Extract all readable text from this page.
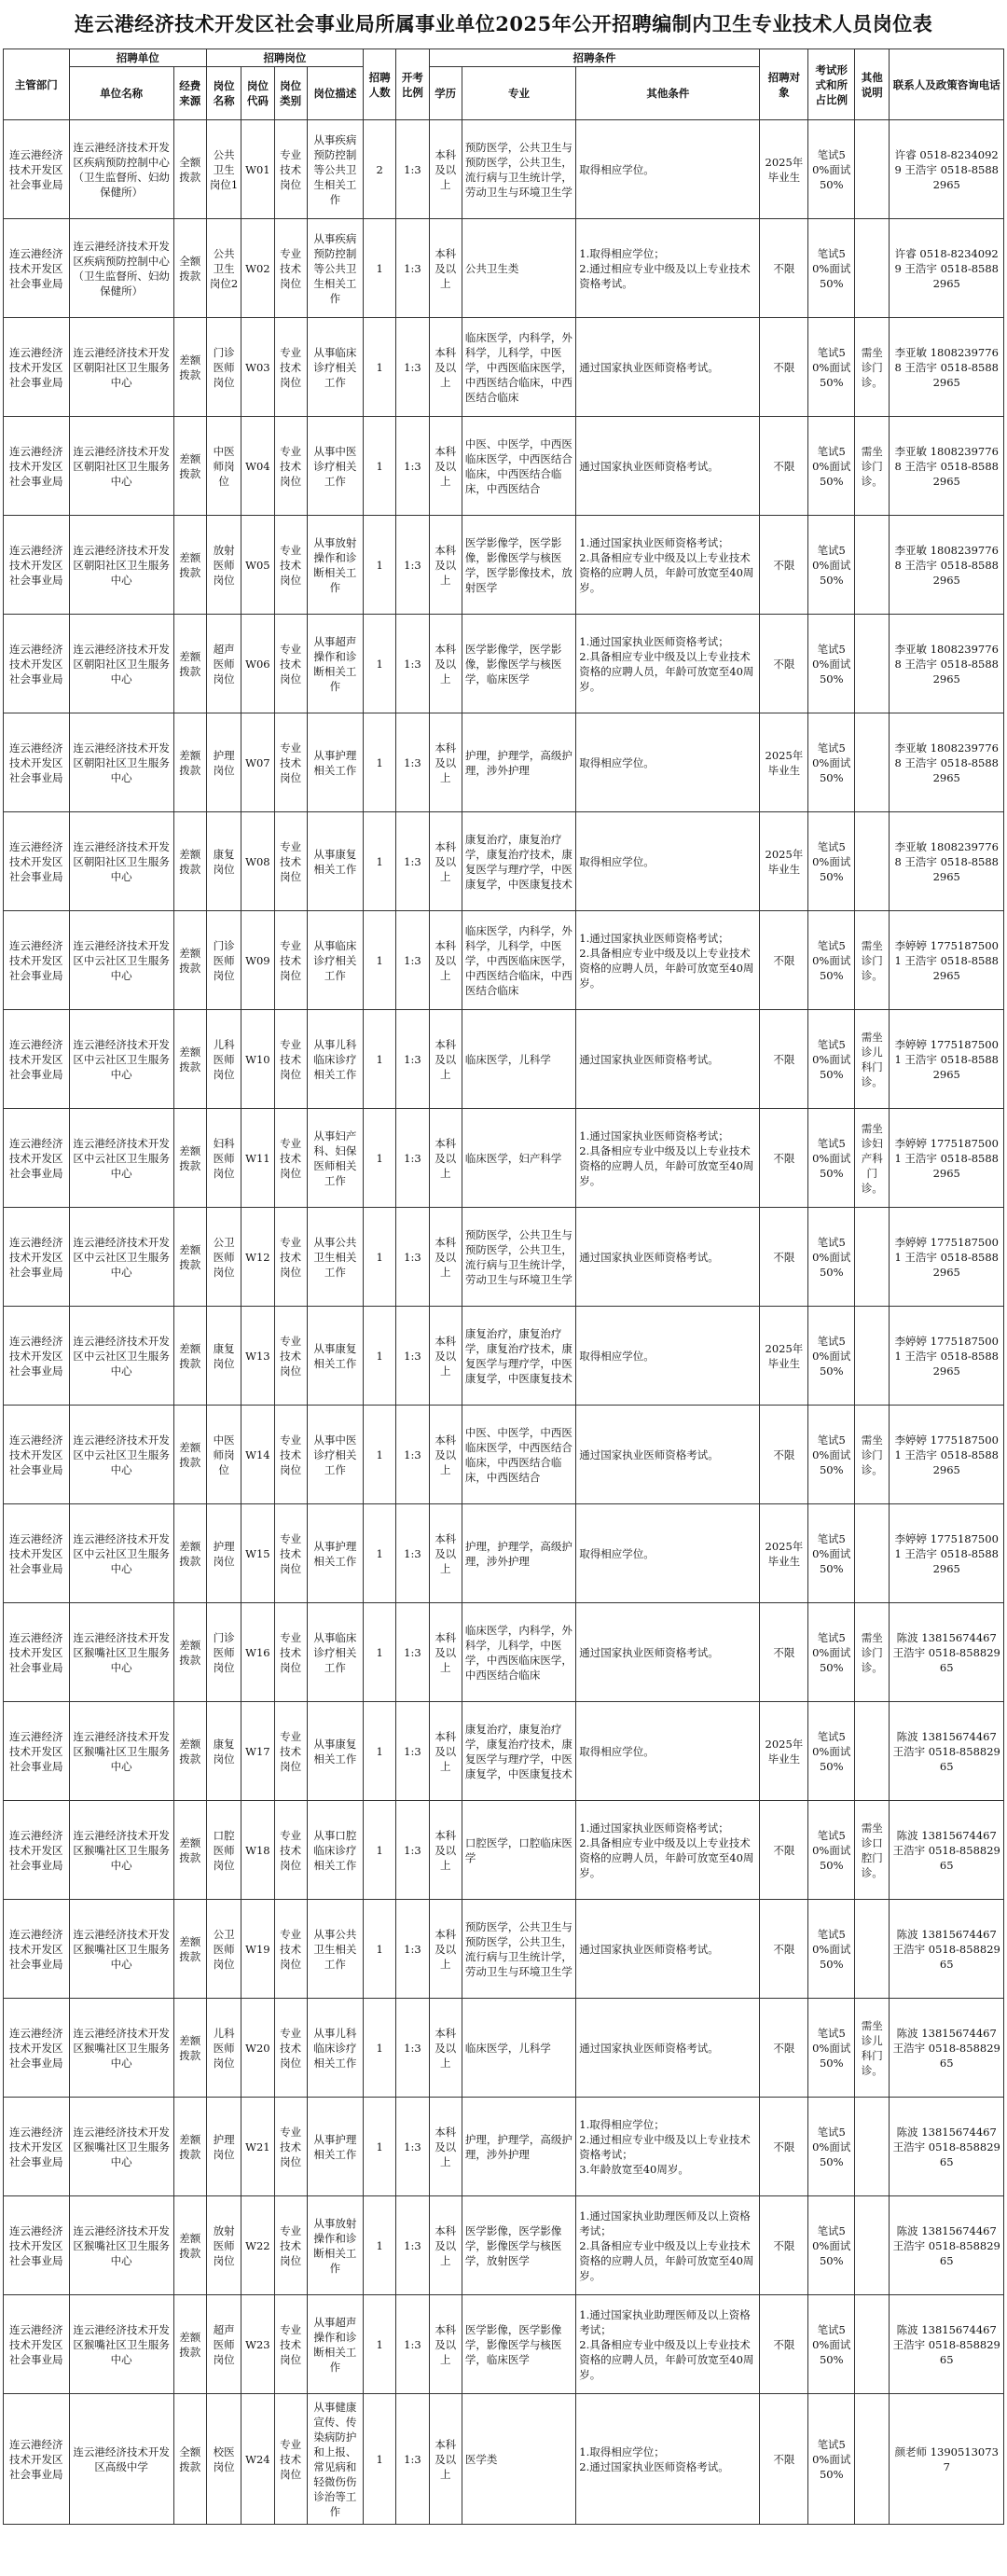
连云港经济技术开发区社会事业局所属事业单位2025年公开招聘编制内卫生专业技术人员岗位表
主管部门	招聘单位		招聘岗位				招聘人数	开考比例	招聘条件			招聘对象	考试形式和所占比例	其他说明	联系人及政策咨询电话
	单位名称	经费来源	岗位名称	岗位代码	岗位类别	岗位描述			学历	专业	其他条件				
连云港经济技术开发区社会事业局	连云港经济技术开发区疾病预防控制中心（卫生监督所、妇幼保健所）	全额拨款	公共卫生岗位1	W01	专业技术岗位	从事疾病预防控制等公共卫生相关工作	2	1:3	本科及以上	预防医学，公共卫生与预防医学，公共卫生，流行病与卫生统计学，劳动卫生与环境卫生学	取得相应学位。	2025年毕业生	笔试50%面试50%		许睿 0518-82340929 王浩宇 0518-85882965
连云港经济技术开发区社会事业局	连云港经济技术开发区疾病预防控制中心（卫生监督所、妇幼保健所）	全额拨款	公共卫生岗位2	W02	专业技术岗位	从事疾病预防控制等公共卫生相关工作	1	1:3	本科及以上	公共卫生类	1.取得相应学位；
2.通过相应专业中级及以上专业技术资格考试。	不限	笔试50%面试50%		许睿 0518-82340929 王浩宇 0518-85882965
连云港经济技术开发区社会事业局	连云港经济技术开发区朝阳社区卫生服务中心	差额拨款	门诊医师岗位	W03	专业技术岗位	从事临床诊疗相关工作	1	1:3	本科及以上	临床医学，内科学，外科学，儿科学，中医学，中西医临床医学，中西医结合临床，中西医结合临床	通过国家执业医师资格考试。	不限	笔试50%面试50%	需坐诊门诊。	李亚敏 18082397768 王浩宇 0518-85882965
连云港经济技术开发区社会事业局	连云港经济技术开发区朝阳社区卫生服务中心	差额拨款	中医师岗位	W04	专业技术岗位	从事中医诊疗相关工作	1	1:3	本科及以上	中医、中医学，中西医临床医学，中西医结合临床，中西医结合临床，中西医结合	通过国家执业医师资格考试。	不限	笔试50%面试50%	需坐诊门诊。	李亚敏 18082397768 王浩宇 0518-85882965
连云港经济技术开发区社会事业局	连云港经济技术开发区朝阳社区卫生服务中心	差额拨款	放射医师岗位	W05	专业技术岗位	从事放射操作和诊断相关工作	1	1:3	本科及以上	医学影像学，医学影像，影像医学与核医学，医学影像技术，放射医学	1.通过国家执业医师资格考试；
2.具备相应专业中级及以上专业技术资格的应聘人员，年龄可放宽至40周岁。	不限	笔试50%面试50%		李亚敏 18082397768 王浩宇 0518-85882965
连云港经济技术开发区社会事业局	连云港经济技术开发区朝阳社区卫生服务中心	差额拨款	超声医师岗位	W06	专业技术岗位	从事超声操作和诊断相关工作	1	1:3	本科及以上	医学影像学，医学影像，影像医学与核医学，临床医学	1.通过国家执业医师资格考试；
2.具备相应专业中级及以上专业技术资格的应聘人员，年龄可放宽至40周岁。	不限	笔试50%面试50%		李亚敏 18082397768 王浩宇 0518-85882965
连云港经济技术开发区社会事业局	连云港经济技术开发区朝阳社区卫生服务中心	差额拨款	护理岗位	W07	专业技术岗位	从事护理相关工作	1	1:3	本科及以上	护理，护理学，高级护理，涉外护理	取得相应学位。	2025年毕业生	笔试50%面试50%		李亚敏 18082397768 王浩宇 0518-85882965
连云港经济技术开发区社会事业局	连云港经济技术开发区朝阳社区卫生服务中心	差额拨款	康复岗位	W08	专业技术岗位	从事康复相关工作	1	1:3	本科及以上	康复治疗，康复治疗学，康复治疗技术，康复医学与理疗学，中医康复学，中医康复技术	取得相应学位。	2025年毕业生	笔试50%面试50%		李亚敏 18082397768 王浩宇 0518-85882965
连云港经济技术开发区社会事业局	连云港经济技术开发区中云社区卫生服务中心	差额拨款	门诊医师岗位	W09	专业技术岗位	从事临床诊疗相关工作	1	1:3	本科及以上	临床医学，内科学，外科学，儿科学，中医学，中西医临床医学，中西医结合临床，中西医结合临床	1.通过国家执业医师资格考试；
2.具备相应专业中级及以上专业技术资格的应聘人员，年龄可放宽至40周岁。	不限	笔试50%面试50%	需坐诊门诊。	李婷婷 17751875001 王浩宇 0518-85882965
连云港经济技术开发区社会事业局	连云港经济技术开发区中云社区卫生服务中心	差额拨款	儿科医师岗位	W10	专业技术岗位	从事儿科临床诊疗相关工作	1	1:3	本科及以上	临床医学，儿科学	通过国家执业医师资格考试。	不限	笔试50%面试50%	需坐诊儿科门诊。	李婷婷 17751875001 王浩宇 0518-85882965
连云港经济技术开发区社会事业局	连云港经济技术开发区中云社区卫生服务中心	差额拨款	妇科医师岗位	W11	专业技术岗位	从事妇产科、妇保医师相关工作	1	1:3	本科及以上	临床医学，妇产科学	1.通过国家执业医师资格考试；
2.具备相应专业中级及以上专业技术资格的应聘人员，年龄可放宽至40周岁。	不限	笔试50%面试50%	需坐诊妇产科门诊。	李婷婷 17751875001 王浩宇 0518-85882965
连云港经济技术开发区社会事业局	连云港经济技术开发区中云社区卫生服务中心	差额拨款	公卫医师岗位	W12	专业技术岗位	从事公共卫生相关工作	1	1:3	本科及以上	预防医学，公共卫生与预防医学，公共卫生，流行病与卫生统计学，劳动卫生与环境卫生学	通过国家执业医师资格考试。	不限	笔试50%面试50%		李婷婷 17751875001 王浩宇 0518-85882965
连云港经济技术开发区社会事业局	连云港经济技术开发区中云社区卫生服务中心	差额拨款	康复岗位	W13	专业技术岗位	从事康复相关工作	1	1:3	本科及以上	康复治疗，康复治疗学，康复治疗技术，康复医学与理疗学，中医康复学，中医康复技术	取得相应学位。	2025年毕业生	笔试50%面试50%		李婷婷 17751875001 王浩宇 0518-85882965
连云港经济技术开发区社会事业局	连云港经济技术开发区中云社区卫生服务中心	差额拨款	中医师岗位	W14	专业技术岗位	从事中医诊疗相关工作	1	1:3	本科及以上	中医、中医学，中西医临床医学，中西医结合临床，中西医结合临床，中西医结合	通过国家执业医师资格考试。	不限	笔试50%面试50%	需坐诊门诊。	李婷婷 17751875001 王浩宇 0518-85882965
连云港经济技术开发区社会事业局	连云港经济技术开发区中云社区卫生服务中心	差额拨款	护理岗位	W15	专业技术岗位	从事护理相关工作	1	1:3	本科及以上	护理，护理学，高级护理，涉外护理	取得相应学位。	2025年毕业生	笔试50%面试50%		李婷婷 17751875001 王浩宇 0518-85882965
连云港经济技术开发区社会事业局	连云港经济技术开发区猴嘴社区卫生服务中心	差额拨款	门诊医师岗位	W16	专业技术岗位	从事临床诊疗相关工作	1	1:3	本科及以上	临床医学，内科学，外科学，儿科学，中医学，中西医临床医学，中西医结合临床	通过国家执业医师资格考试。	不限	笔试50%面试50%	需坐诊门诊。	陈波 13815674467 王浩宇 0518-85882965
连云港经济技术开发区社会事业局	连云港经济技术开发区猴嘴社区卫生服务中心	差额拨款	康复岗位	W17	专业技术岗位	从事康复相关工作	1	1:3	本科及以上	康复治疗，康复治疗学，康复治疗技术，康复医学与理疗学，中医康复学，中医康复技术	取得相应学位。	2025年毕业生	笔试50%面试50%		陈波 13815674467 王浩宇 0518-85882965
连云港经济技术开发区社会事业局	连云港经济技术开发区猴嘴社区卫生服务中心	差额拨款	口腔医师岗位	W18	专业技术岗位	从事口腔临床诊疗相关工作	1	1:3	本科及以上	口腔医学，口腔临床医学	1.通过国家执业医师资格考试；
2.具备相应专业中级及以上专业技术资格的应聘人员，年龄可放宽至40周岁。	不限	笔试50%面试50%	需坐诊口腔门诊。	陈波 13815674467 王浩宇 0518-85882965
连云港经济技术开发区社会事业局	连云港经济技术开发区猴嘴社区卫生服务中心	差额拨款	公卫医师岗位	W19	专业技术岗位	从事公共卫生相关工作	1	1:3	本科及以上	预防医学，公共卫生与预防医学，公共卫生，流行病与卫生统计学，劳动卫生与环境卫生学	通过国家执业医师资格考试。	不限	笔试50%面试50%		陈波 13815674467 王浩宇 0518-85882965
连云港经济技术开发区社会事业局	连云港经济技术开发区猴嘴社区卫生服务中心	差额拨款	儿科医师岗位	W20	专业技术岗位	从事儿科临床诊疗相关工作	1	1:3	本科及以上	临床医学，儿科学	通过国家执业医师资格考试。	不限	笔试50%面试50%	需坐诊儿科门诊。	陈波 13815674467 王浩宇 0518-85882965
连云港经济技术开发区社会事业局	连云港经济技术开发区猴嘴社区卫生服务中心	差额拨款	护理岗位	W21	专业技术岗位	从事护理相关工作	1	1:3	本科及以上	护理，护理学，高级护理，涉外护理	1.取得相应学位；
2.通过相应专业中级及以上专业技术资格考试；
3.年龄放宽至40周岁。	不限	笔试50%面试50%		陈波 13815674467 王浩宇 0518-85882965
连云港经济技术开发区社会事业局	连云港经济技术开发区猴嘴社区卫生服务中心	差额拨款	放射医师岗位	W22	专业技术岗位	从事放射操作和诊断相关工作	1	1:3	本科及以上	医学影像，医学影像学，影像医学与核医学，放射医学	1.通过国家执业助理医师及以上资格考试；
2.具备相应专业中级及以上专业技术资格的应聘人员，年龄可放宽至40周岁。	不限	笔试50%面试50%		陈波 13815674467 王浩宇 0518-85882965
连云港经济技术开发区社会事业局	连云港经济技术开发区猴嘴社区卫生服务中心	差额拨款	超声医师岗位	W23	专业技术岗位	从事超声操作和诊断相关工作	1	1:3	本科及以上	医学影像，医学影像学，影像医学与核医学，临床医学	1.通过国家执业助理医师及以上资格考试；
2.具备相应专业中级及以上专业技术资格的应聘人员，年龄可放宽至40周岁。	不限	笔试50%面试50%		陈波 13815674467 王浩宇 0518-85882965
连云港经济技术开发区社会事业局	连云港经济技术开发区高级中学	全额拨款	校医岗位	W24	专业技术岗位	从事健康宣传、传染病防护和上报、常见病和轻微伤伤诊治等工作	1	1:3	本科及以上	医学类	1.取得相应学位；
2.通过国家执业医师资格考试。	不限	笔试50%面试50%		颜老师 13905130737
